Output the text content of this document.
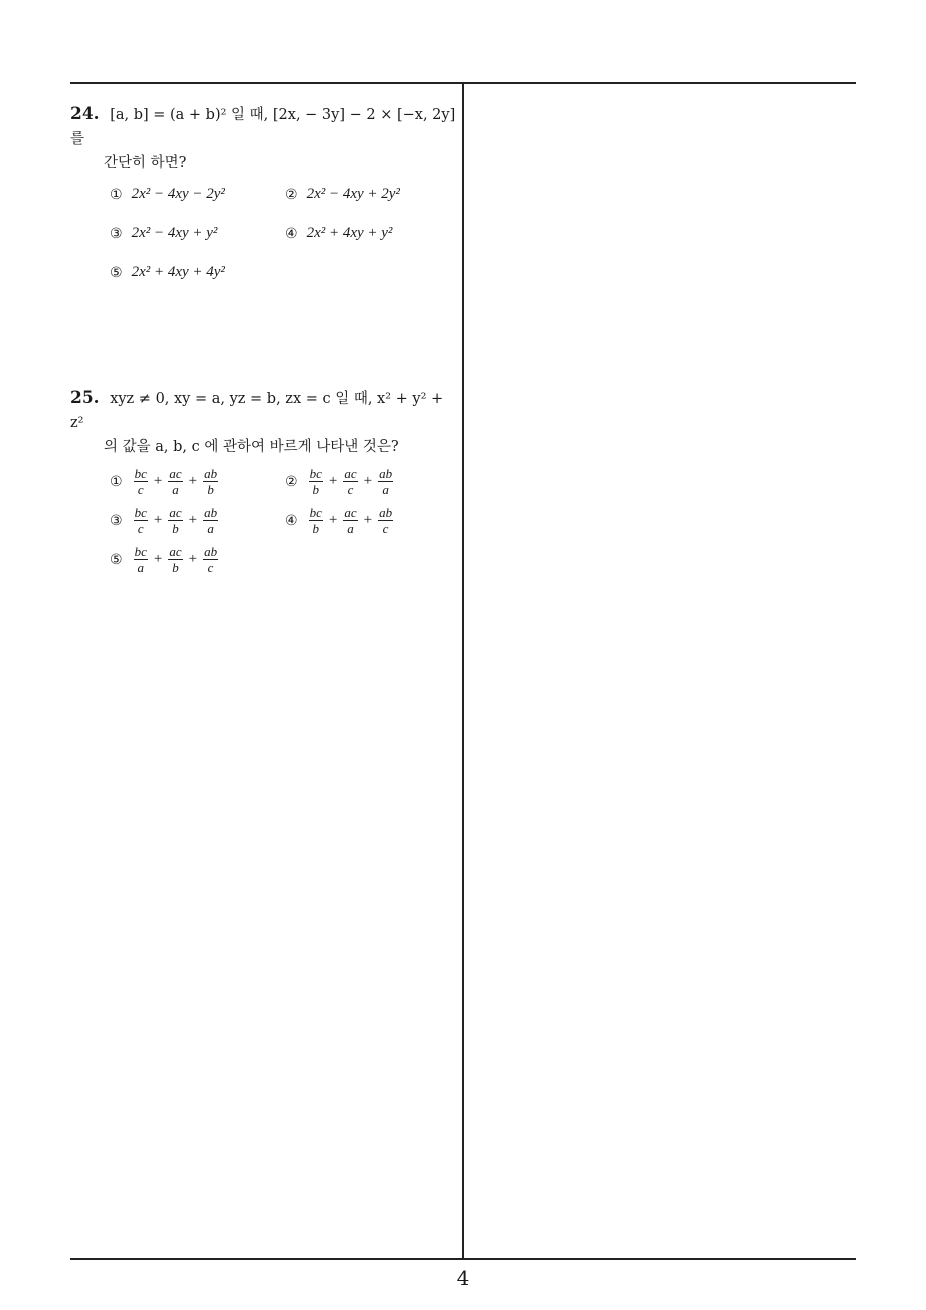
24. [a, b] = (a + b)² 일 때, [2x, − 3y] − 2 × [−x, 2y] 를
간단히 하면?
① 2x² − 4xy − 2y²	② 2x² − 4xy + 2y²
③ 2x² − 4xy + y²	④ 2x² + 4xy + y²
⑤ 2x² + 4xy + 4y²
25. xyz ≠ 0, xy = a, yz = b, zx = c 일 때, x² + y² + z²
의 값을 a, b, c 에 관하여 바르게 나타낸 것은?
① $\frac{bc}{c} + \frac{ac}{a} + \frac{ab}{b}$	② $\frac{bc}{b} + \frac{ac}{c} + \frac{ab}{a}$
③ $\frac{bc}{c} + \frac{ac}{b} + \frac{ab}{a}$	④ $\frac{bc}{b} + \frac{ac}{a} + \frac{ab}{c}$
⑤ $\frac{bc}{a} + \frac{ac}{b} + \frac{ab}{c}$
4
